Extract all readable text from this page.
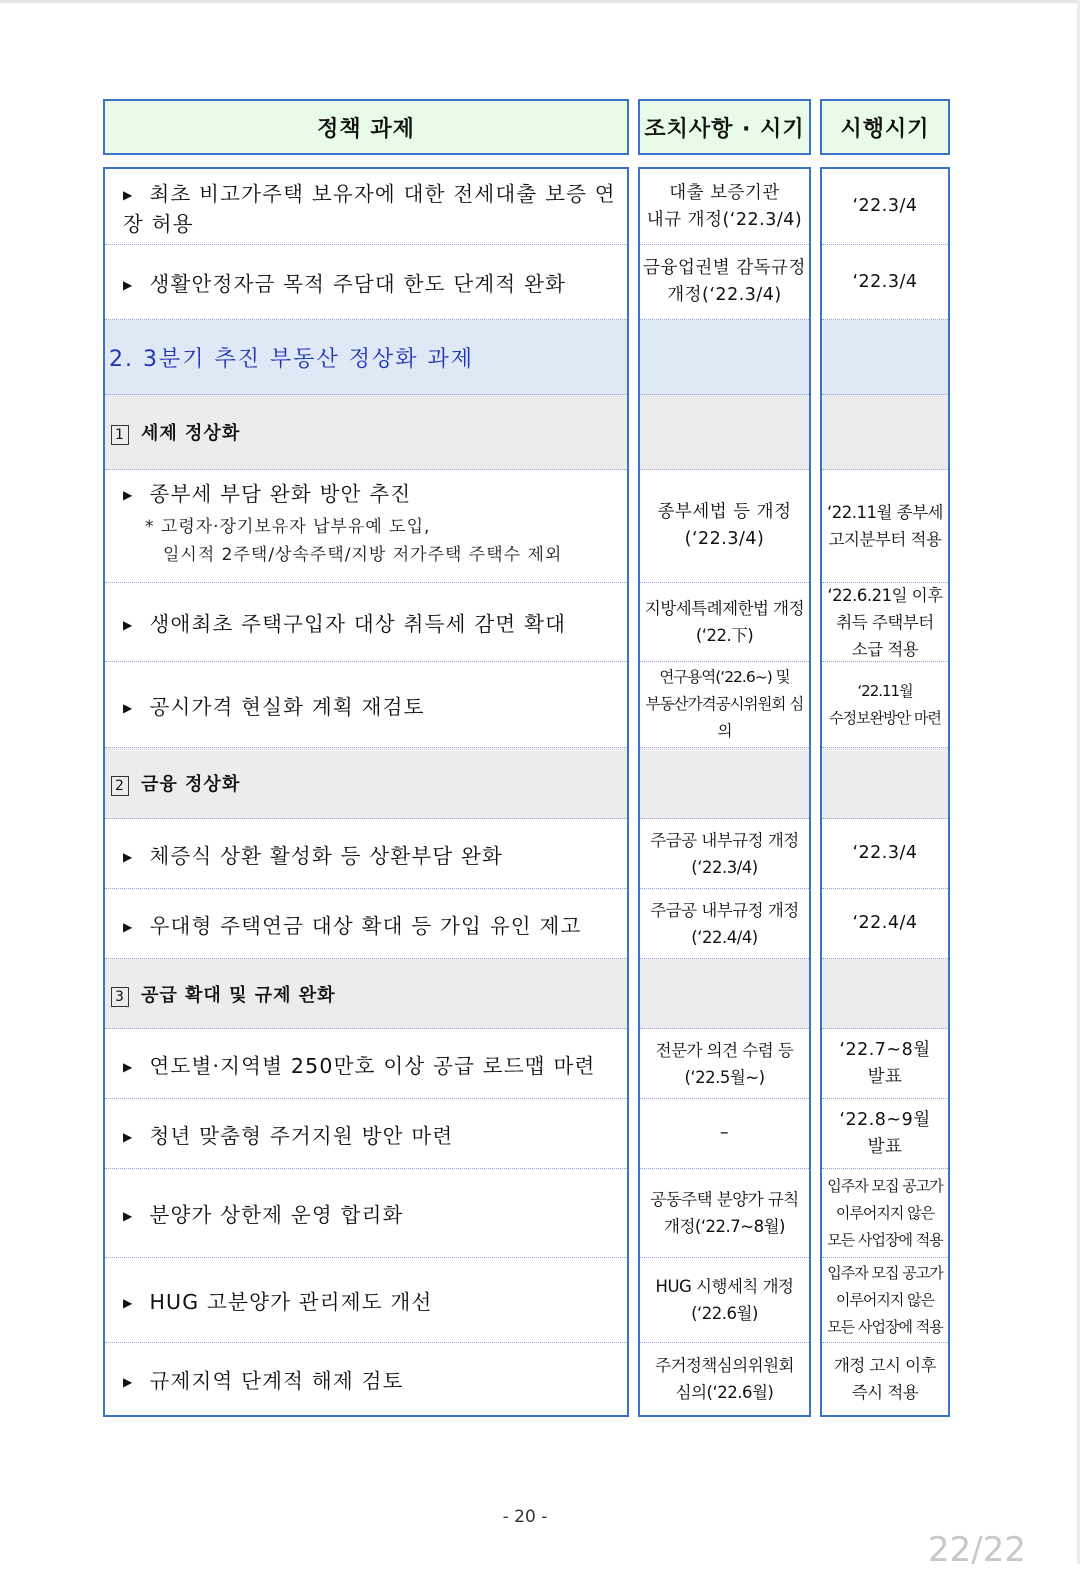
정책 과제	조치사항 · 시기 시행시기
▶ 최초 비고가주택 보유자에 대한 전세대출 보증 연장 허용
▶ 생활안정자금 목적 주담대 한도 단계적 완화
2. 3분기 추진 부동산 정상화 과제
1 세제 정상화
▶ 종부세 부담 완화 방안 추진
* 고령자·장기보유자 납부유예 도입,
일시적 2주택/상속주택/지방 저가주택 주택수 제외
▶ 생애최초 주택구입자 대상 취득세 감면 확대
▶ 공시가격 현실화 계획 재검토
2 금융 정상화
▶ 체증식 상환 활성화 등 상환부담 완화
▶ 우대형 주택연금 대상 확대 등 가입 유인 제고
3 공급 확대 및 규제 완화
▶ 연도별·지역별 250만호 이상 공급 로드맵 마련
▶ 청년 맞춤형 주거지원 방안 마련
▶ 분양가 상한제 운영 합리화
▶ HUG 고분양가 관리제도 개선
▶ 규제지역 단계적 해제 검토
대출 보증기관
내규 개정(‘22.3/4)
금융업권별 감독규정
개정(‘22.3/4)
종부세법 등 개정
(‘22.3/4)
지방세특례제한법 개정
(‘22.下)
연구용역(‘22.6~) 및
부동산가격공시위원회 심의
주금공 내부규정 개정
(‘22.3/4)
주금공 내부규정 개정
(‘22.4/4)
전문가 의견 수렴 등
(‘22.5월~)
–
공동주택 분양가 규칙
개정(‘22.7~8월)
HUG 시행세칙 개정
(‘22.6월)
주거정책심의위원회
심의(‘22.6월)
‘22.3/4
‘22.3/4
‘22.11월 종부세
고지분부터 적용
‘22.6.21일 이후
취득 주택부터
소급 적용
‘22.11월
수정보완방안 마련
‘22.3/4
‘22.4/4
‘22.7~8월
발표
‘22.8~9월
발표
입주자 모집 공고가
이루어지지 않은
모든 사업장에 적용
입주자 모집 공고가
이루어지지 않은
모든 사업장에 적용
개정 고시 이후
즉시 적용
- 20 -
22/22
